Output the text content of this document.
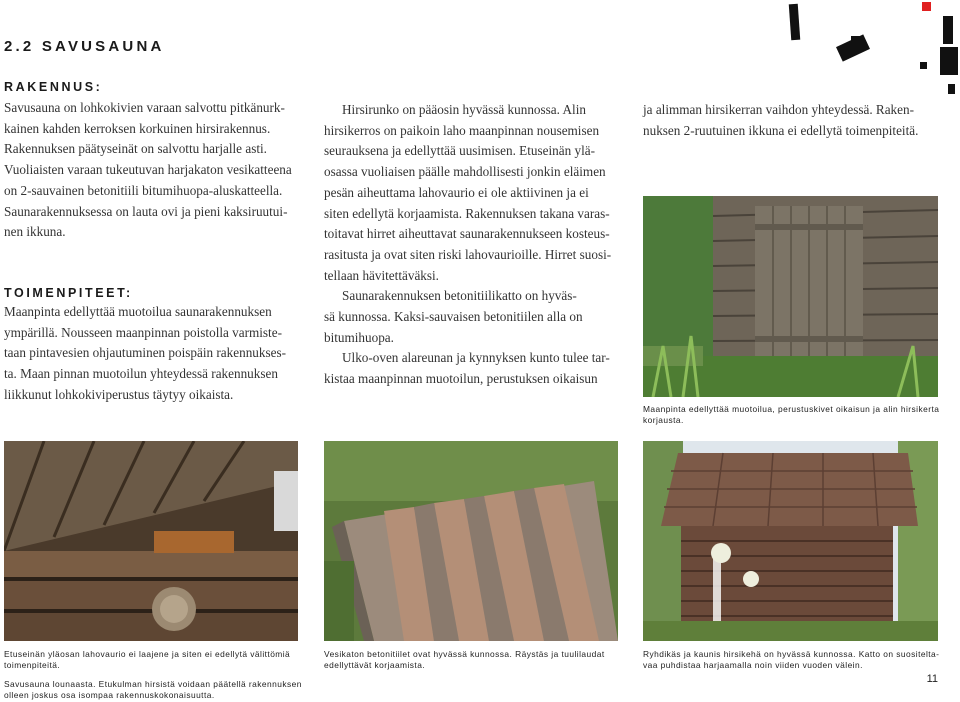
2.2 SAVUSAUNA
RAKENNUS:

Savusauna on lohkokivien varaan salvottu pitkänurk-

kainen kahden kerroksen korkuinen hirsirakennus.

Rakennuksen päätyseinät on salvottu harjalle asti.

Vuoliaisten varaan tukeutuvan harjakaton vesikatteena

on 2-sauvainen betonitiili bitumihuopa-aluskatteella.

Saunarakennuksessa on lauta ovi ja pieni kaksiruutui-

nen ikkuna.

TOIMENPITEET:

Maanpinta edellyttää muotoilua saunarakennuksen

ympärillä. Nousseen maanpinnan poistolla varmiste-

taan pintavesien ohjautuminen poispäin rakennukses-

ta. Maan pinnan muotoilun yhteydessä rakennuksen

liikkunut lohkokiviperustus täytyy oikaista.

Hirsirunko on pääosin hyvässä kunnossa. Alin

hirsikerros on paikoin laho maanpinnan nousemisen

seurauksena ja edellyttää uusimisen. Etuseinän ylä-

osassa vuoliaisen päälle mahdollisesti jonkin eläimen

pesän aiheuttama lahovaurio ei ole aktiivinen ja ei

siten edellytä korjaamista. Rakennuksen takana varas-

toitavat hirret aiheuttavat saunarakennukseen kosteus-

rasitusta ja ovat siten riski lahovaurioille. Hirret suosi-

tellaan hävitettäväksi.

Saunarakennuksen betonitiilikatto on hyväs-

sä kunnossa. Kaksi-sauvaisen betonitiilen alla on

bitumihuopa.

Ulko-oven alareunan ja kynnyksen kunto tulee tar-

kistaa maanpinnan muotoilun, perustuksen oikaisun

ja alimman hirsikerran vaihdon yhteydessä. Raken-

nuksen 2-ruutuinen ikkuna ei edellytä toimenpiteitä.

Maanpinta edellyttää muotoilua, perustuskivet oikaisun ja alin hirsikerta korjausta.

Etuseinän yläosan lahovaurio ei laajene ja siten ei edellytä välittömiä toimenpiteitä.

Savusauna lounaasta. Etukulman hirsistä voidaan päätellä rakennuksen olleen joskus osa isompaa rakennuskokonaisuutta.

Vesikaton betonitiilet ovat hyvässä kunnossa. Räystäs ja tuulilaudat edellyttävät korjaamista.

Ryhdikäs ja kaunis hirsikehä on hyvässä kunnossa. Katto on suositelta-vaa puhdistaa harjaamalla noin viiden vuoden välein.

11
